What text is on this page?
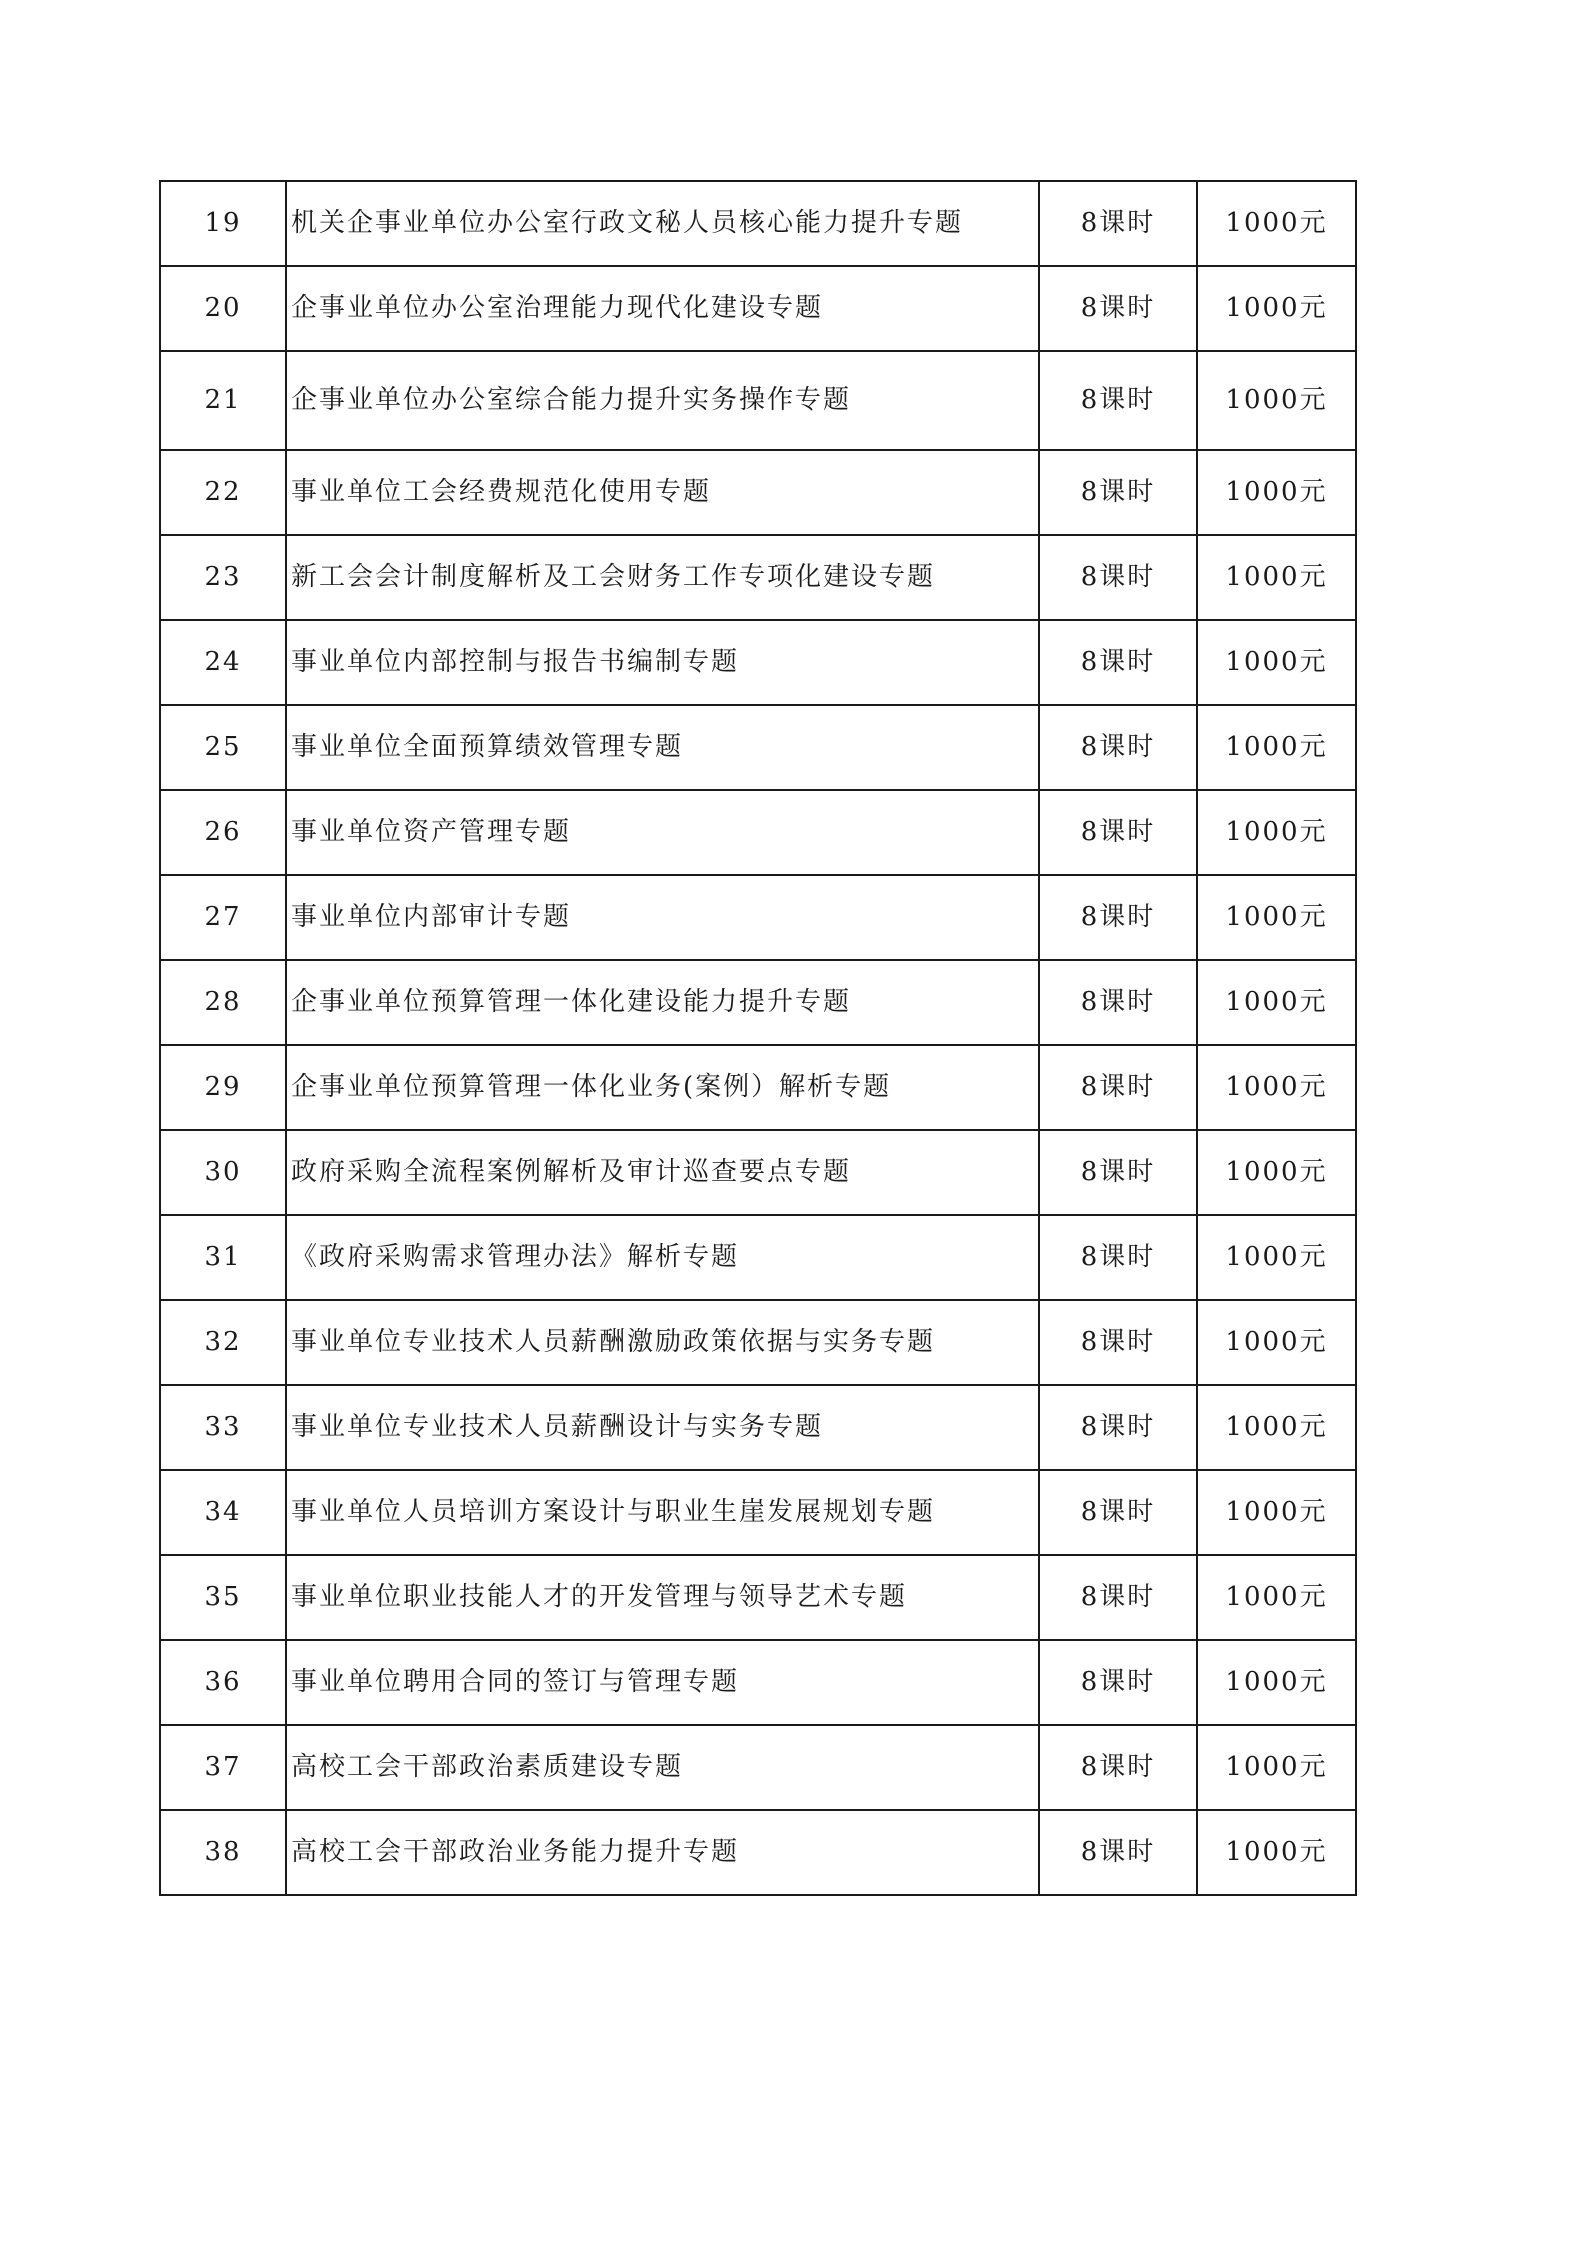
19	机关企事业单位办公室行政文秘人员核心能力提升专题	8课时	1000元
20	企事业单位办公室治理能力现代化建设专题	8课时	1000元
21	企事业单位办公室综合能力提升实务操作专题	8课时	1000元
22	事业单位工会经费规范化使用专题	8课时	1000元
23	新工会会计制度解析及工会财务工作专项化建设专题	8课时	1000元
24	事业单位内部控制与报告书编制专题	8课时	1000元
25	事业单位全面预算绩效管理专题	8课时	1000元
26	事业单位资产管理专题	8课时	1000元
27	事业单位内部审计专题	8课时	1000元
28	企事业单位预算管理一体化建设能力提升专题	8课时	1000元
29	企事业单位预算管理一体化业务(案例）解析专题	8课时	1000元
30	政府采购全流程案例解析及审计巡查要点专题	8课时	1000元
31	《政府采购需求管理办法》解析专题	8课时	1000元
32	事业单位专业技术人员薪酬激励政策依据与实务专题	8课时	1000元
33	事业单位专业技术人员薪酬设计与实务专题	8课时	1000元
34	事业单位人员培训方案设计与职业生崖发展规划专题	8课时	1000元
35	事业单位职业技能人才的开发管理与领导艺术专题	8课时	1000元
36	事业单位聘用合同的签订与管理专题	8课时	1000元
37	高校工会干部政治素质建设专题	8课时	1000元
38	高校工会干部政治业务能力提升专题	8课时	1000元
